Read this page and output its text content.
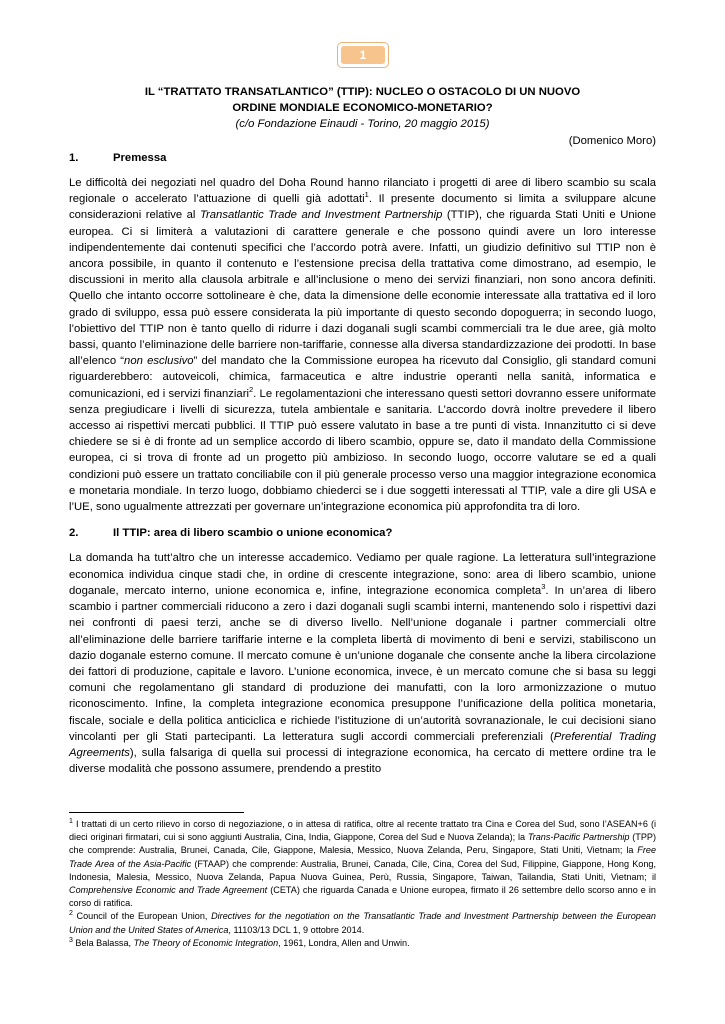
1
IL “TRATTATO TRANSATLANTICO” (TTIP): NUCLEO O OSTACOLO DI UN NUOVO
ORDINE MONDIALE ECONOMICO-MONETARIO?
(c/o Fondazione Einaudi - Torino, 20 maggio 2015)
(Domenico Moro)
1.	Premessa

Le difficoltà dei negoziati nel quadro del Doha Round hanno rilanciato i progetti di aree di libero scambio su scala regionale o accelerato l’attuazione di quelli già adottati$^1$. Il presente documento si limita a sviluppare alcune considerazioni relative al Transatlantic Trade and Investment Partnership (TTIP), che riguarda Stati Uniti e Unione europea. Ci si limiterà a valutazioni di carattere generale e che possono quindi avere un loro interesse indipendentemente dai contenuti specifici che l’accordo potrà avere. Infatti, un giudizio definitivo sul TTIP non è ancora possibile, in quanto il contenuto e l’estensione precisa della trattativa come dimostrano, ad esempio, le discussioni in merito alla clausola arbitrale e all’inclusione o meno dei servizi finanziari, non sono ancora definiti. Quello che intanto occorre sottolineare è che, data la dimensione delle economie interessate alla trattativa ed il loro grado di sviluppo, essa può essere considerata la più importante di questo secondo dopoguerra; in secondo luogo, l’obiettivo del TTIP non è tanto quello di ridurre i dazi doganali sugli scambi commerciali tra le due aree, già molto bassi, quanto l’eliminazione delle barriere non-tariffarie, connesse alla diversa standardizzazione dei prodotti. In base all’elenco “non esclusivo” del mandato che la Commissione europea ha ricevuto dal Consiglio, gli standard comuni riguarderebbero: autoveicoli, chimica, farmaceutica e altre industrie operanti nella sanità, informatica e comunicazioni, ed i servizi finanziari$^2$. Le regolamentazioni che interessano questi settori dovranno essere uniformate senza pregiudicare i livelli di sicurezza, tutela ambientale e sanitaria. L’accordo dovrà inoltre prevedere il libero accesso ai rispettivi mercati pubblici. Il TTIP può essere valutato in base a tre punti di vista. Innanzitutto ci si deve chiedere se si è di fronte ad un semplice accordo di libero scambio, oppure se, dato il mandato della Commissione europea, ci si trova di fronte ad un progetto più ambizioso. In secondo luogo, occorre valutare se ed a quali condizioni può essere un trattato conciliabile con il più generale processo verso una maggior integrazione economica e monetaria mondiale. In terzo luogo, dobbiamo chiederci se i due soggetti interessati al TTIP, vale a dire gli USA e l’UE, sono ugualmente attrezzati per governare un’integrazione economica più approfondita tra di loro.

2.	Il TTIP: area di libero scambio o unione economica?

La domanda ha tutt’altro che un interesse accademico. Vediamo per quale ragione. La letteratura sull’integrazione economica individua cinque stadi che, in ordine di crescente integrazione, sono: area di libero scambio, unione doganale, mercato interno, unione economica e, infine, integrazione economica completa$^3$. In un’area di libero scambio i partner commerciali riducono a zero i dazi doganali sugli scambi interni, mantenendo solo i rispettivi dazi nei confronti di paesi terzi, anche se di diverso livello. Nell’unione doganale i partner commerciali oltre all’eliminazione delle barriere tariffarie interne e la completa libertà di movimento di beni e servizi, stabiliscono un dazio doganale esterno comune. Il mercato comune è un’unione doganale che consente anche la libera circolazione dei fattori di produzione, capitale e lavoro. L’unione economica, invece, è un mercato comune che si basa su leggi comuni che regolamentano gli standard di produzione dei manufatti, con la loro armonizzazione o mutuo riconoscimento. Infine, la completa integrazione economica presuppone l’unificazione della politica monetaria, fiscale, sociale e della politica anticiclica e richiede l’istituzione di un’autorità sovranazionale, le cui decisioni siano vincolanti per gli Stati partecipanti. La letteratura sugli accordi commerciali preferenziali (Preferential Trading Agreements), sulla falsariga di quella sui processi di integrazione economica, ha cercato di mettere ordine tra le diverse modalità che possono assumere, prendendo a prestito

$^1$ I trattati di un certo rilievo in corso di negoziazione, o in attesa di ratifica, oltre al recente trattato tra Cina e Corea del Sud, sono l’ASEAN+6 (i dieci originari firmatari, cui si sono aggiunti Australia, Cina, India, Giappone, Corea del Sud e Nuova Zelanda); la Trans-Pacific Partnership (TPP) che comprende: Australia, Brunei, Canada, Cile, Giappone, Malesia, Messico, Nuova Zelanda, Peru, Singapore, Stati Uniti, Vietnam; la Free Trade Area of the Asia-Pacific (FTAAP) che comprende: Australia, Brunei, Canada, Cile, Cina, Corea del Sud, Filippine, Giappone, Hong Kong, Indonesia, Malesia, Messico, Nuova Zelanda, Papua Nuova Guinea, Perù, Russia, Singapore, Taiwan, Tailandia, Stati Uniti, Vietnam; il Comprehensive Economic and Trade Agreement (CETA) che riguarda Canada e Unione europea, firmato il 26 settembre dello scorso anno e in corso di ratifica.

$^2$ Council of the European Union, Directives for the negotiation on the Transatlantic Trade and Investment Partnership between the European Union and the United States of America, 11103/13 DCL 1, 9 ottobre 2014.

$^3$ Bela Balassa, The Theory of Economic Integration, 1961, Londra, Allen and Unwin.
